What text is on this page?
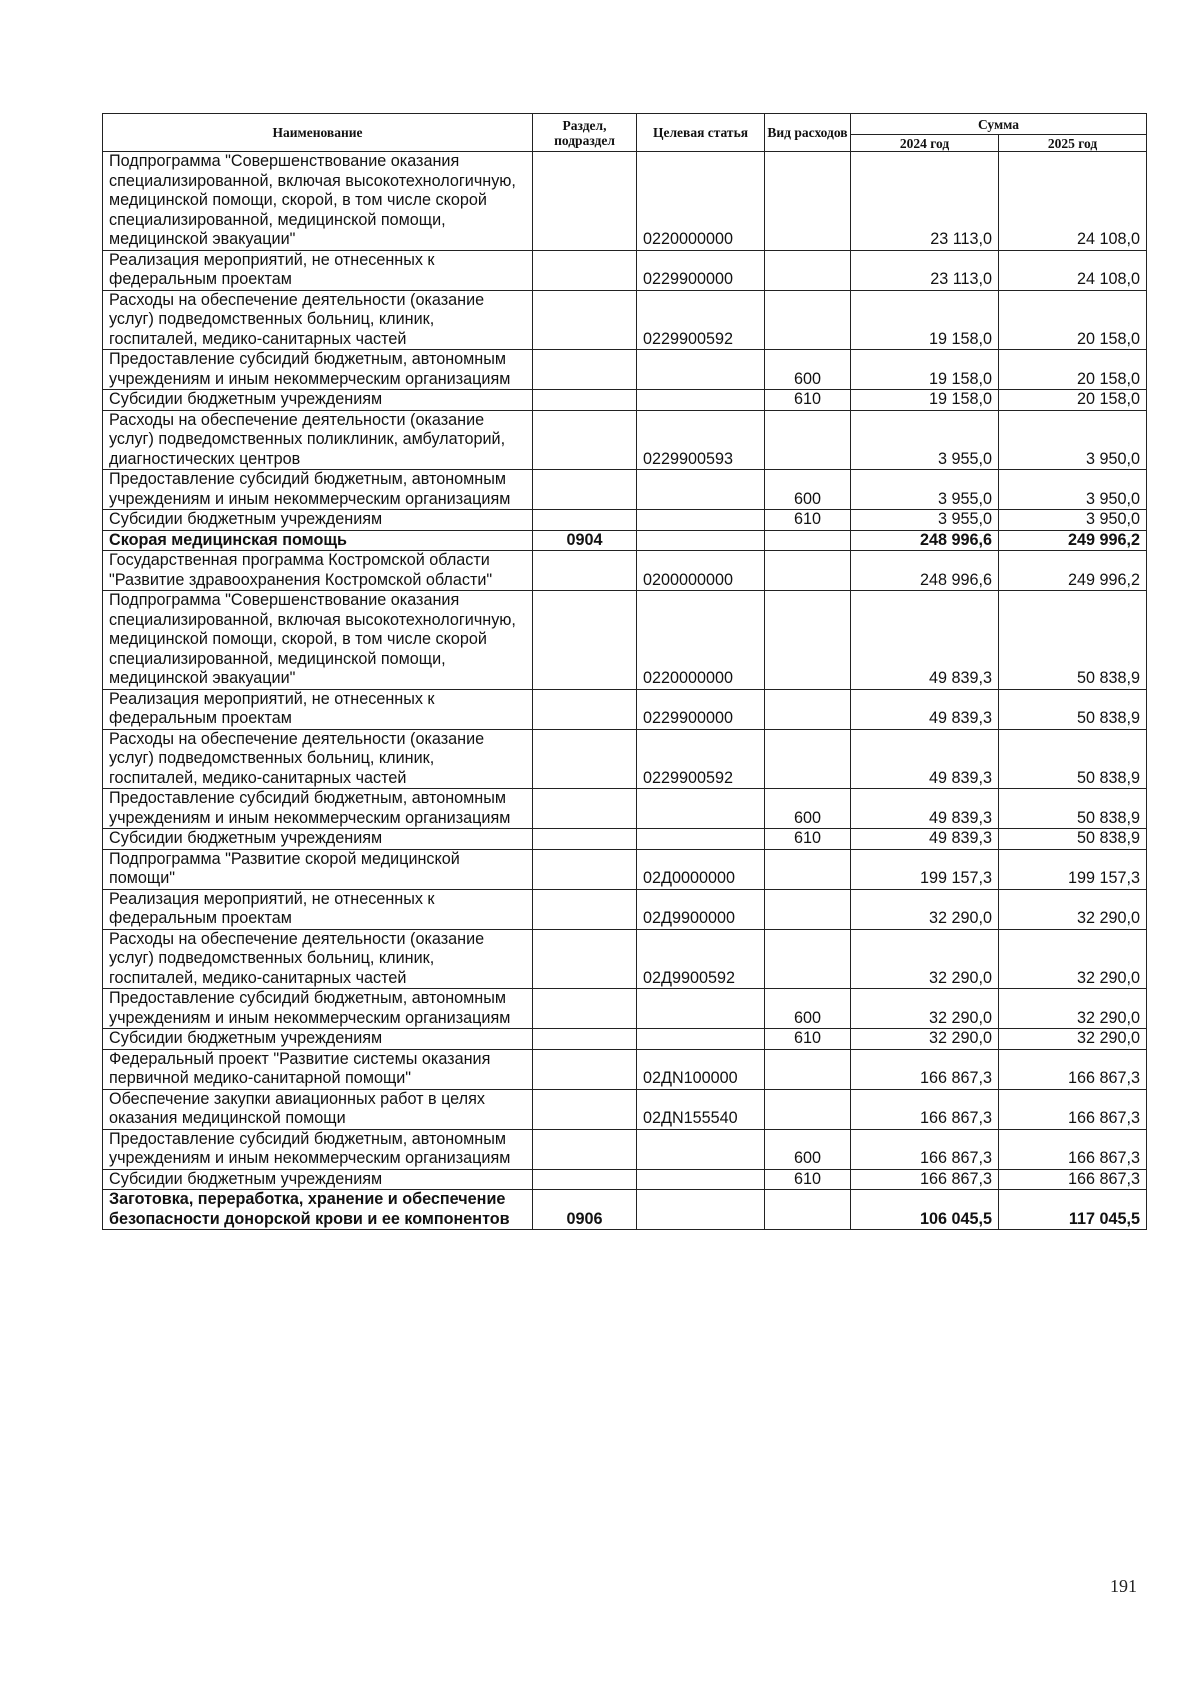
Наименование	Раздел, подраздел	Целевая статья	Вид расходов	Сумма	
				2024 год	2025 год
Подпрограмма "Совершенствование оказания специализированной, включая высокотехнологичную, медицинской помощи, скорой, в том числе скорой специализированной, медицинской помощи, медицинской эвакуации"		0220000000		23 113,0	24 108,0
Реализация мероприятий, не отнесенных к федеральным проектам		0229900000		23 113,0	24 108,0
Расходы на обеспечение деятельности (оказание услуг) подведомственных больниц, клиник, госпиталей, медико-санитарных частей		0229900592		19 158,0	20 158,0
Предоставление субсидий бюджетным, автономным учреждениям и иным некоммерческим организациям			600	19 158,0	20 158,0
Субсидии бюджетным учреждениям			610	19 158,0	20 158,0
Расходы на обеспечение деятельности (оказание услуг) подведомственных поликлиник, амбулаторий, диагностических центров		0229900593		3 955,0	3 950,0
Предоставление субсидий бюджетным, автономным учреждениям и иным некоммерческим организациям			600	3 955,0	3 950,0
Субсидии бюджетным учреждениям			610	3 955,0	3 950,0
Скорая медицинская помощь	0904			248 996,6	249 996,2
Государственная программа Костромской области "Развитие здравоохранения Костромской области"		0200000000		248 996,6	249 996,2
Подпрограмма "Совершенствование оказания специализированной, включая высокотехнологичную, медицинской помощи, скорой, в том числе скорой специализированной, медицинской помощи, медицинской эвакуации"		0220000000		49 839,3	50 838,9
Реализация мероприятий, не отнесенных к федеральным проектам		0229900000		49 839,3	50 838,9
Расходы на обеспечение деятельности (оказание услуг) подведомственных больниц, клиник, госпиталей, медико-санитарных частей		0229900592		49 839,3	50 838,9
Предоставление субсидий бюджетным, автономным учреждениям и иным некоммерческим организациям			600	49 839,3	50 838,9
Субсидии бюджетным учреждениям			610	49 839,3	50 838,9
Подпрограмма "Развитие скорой медицинской помощи"		02Д0000000		199 157,3	199 157,3
Реализация мероприятий, не отнесенных к федеральным проектам		02Д9900000		32 290,0	32 290,0
Расходы на обеспечение деятельности (оказание услуг) подведомственных больниц, клиник, госпиталей, медико-санитарных частей		02Д9900592		32 290,0	32 290,0
Предоставление субсидий бюджетным, автономным учреждениям и иным некоммерческим организациям			600	32 290,0	32 290,0
Субсидии бюджетным учреждениям			610	32 290,0	32 290,0
Федеральный проект "Развитие системы оказания первичной медико-санитарной помощи"		02ДN100000		166 867,3	166 867,3
Обеспечение закупки авиационных работ в целях оказания медицинской помощи		02ДN155540		166 867,3	166 867,3
Предоставление субсидий бюджетным, автономным учреждениям и иным некоммерческим организациям			600	166 867,3	166 867,3
Субсидии бюджетным учреждениям			610	166 867,3	166 867,3
Заготовка, переработка, хранение и обеспечение безопасности донорской крови и ее компонентов	0906			106 045,5	117 045,5
191
